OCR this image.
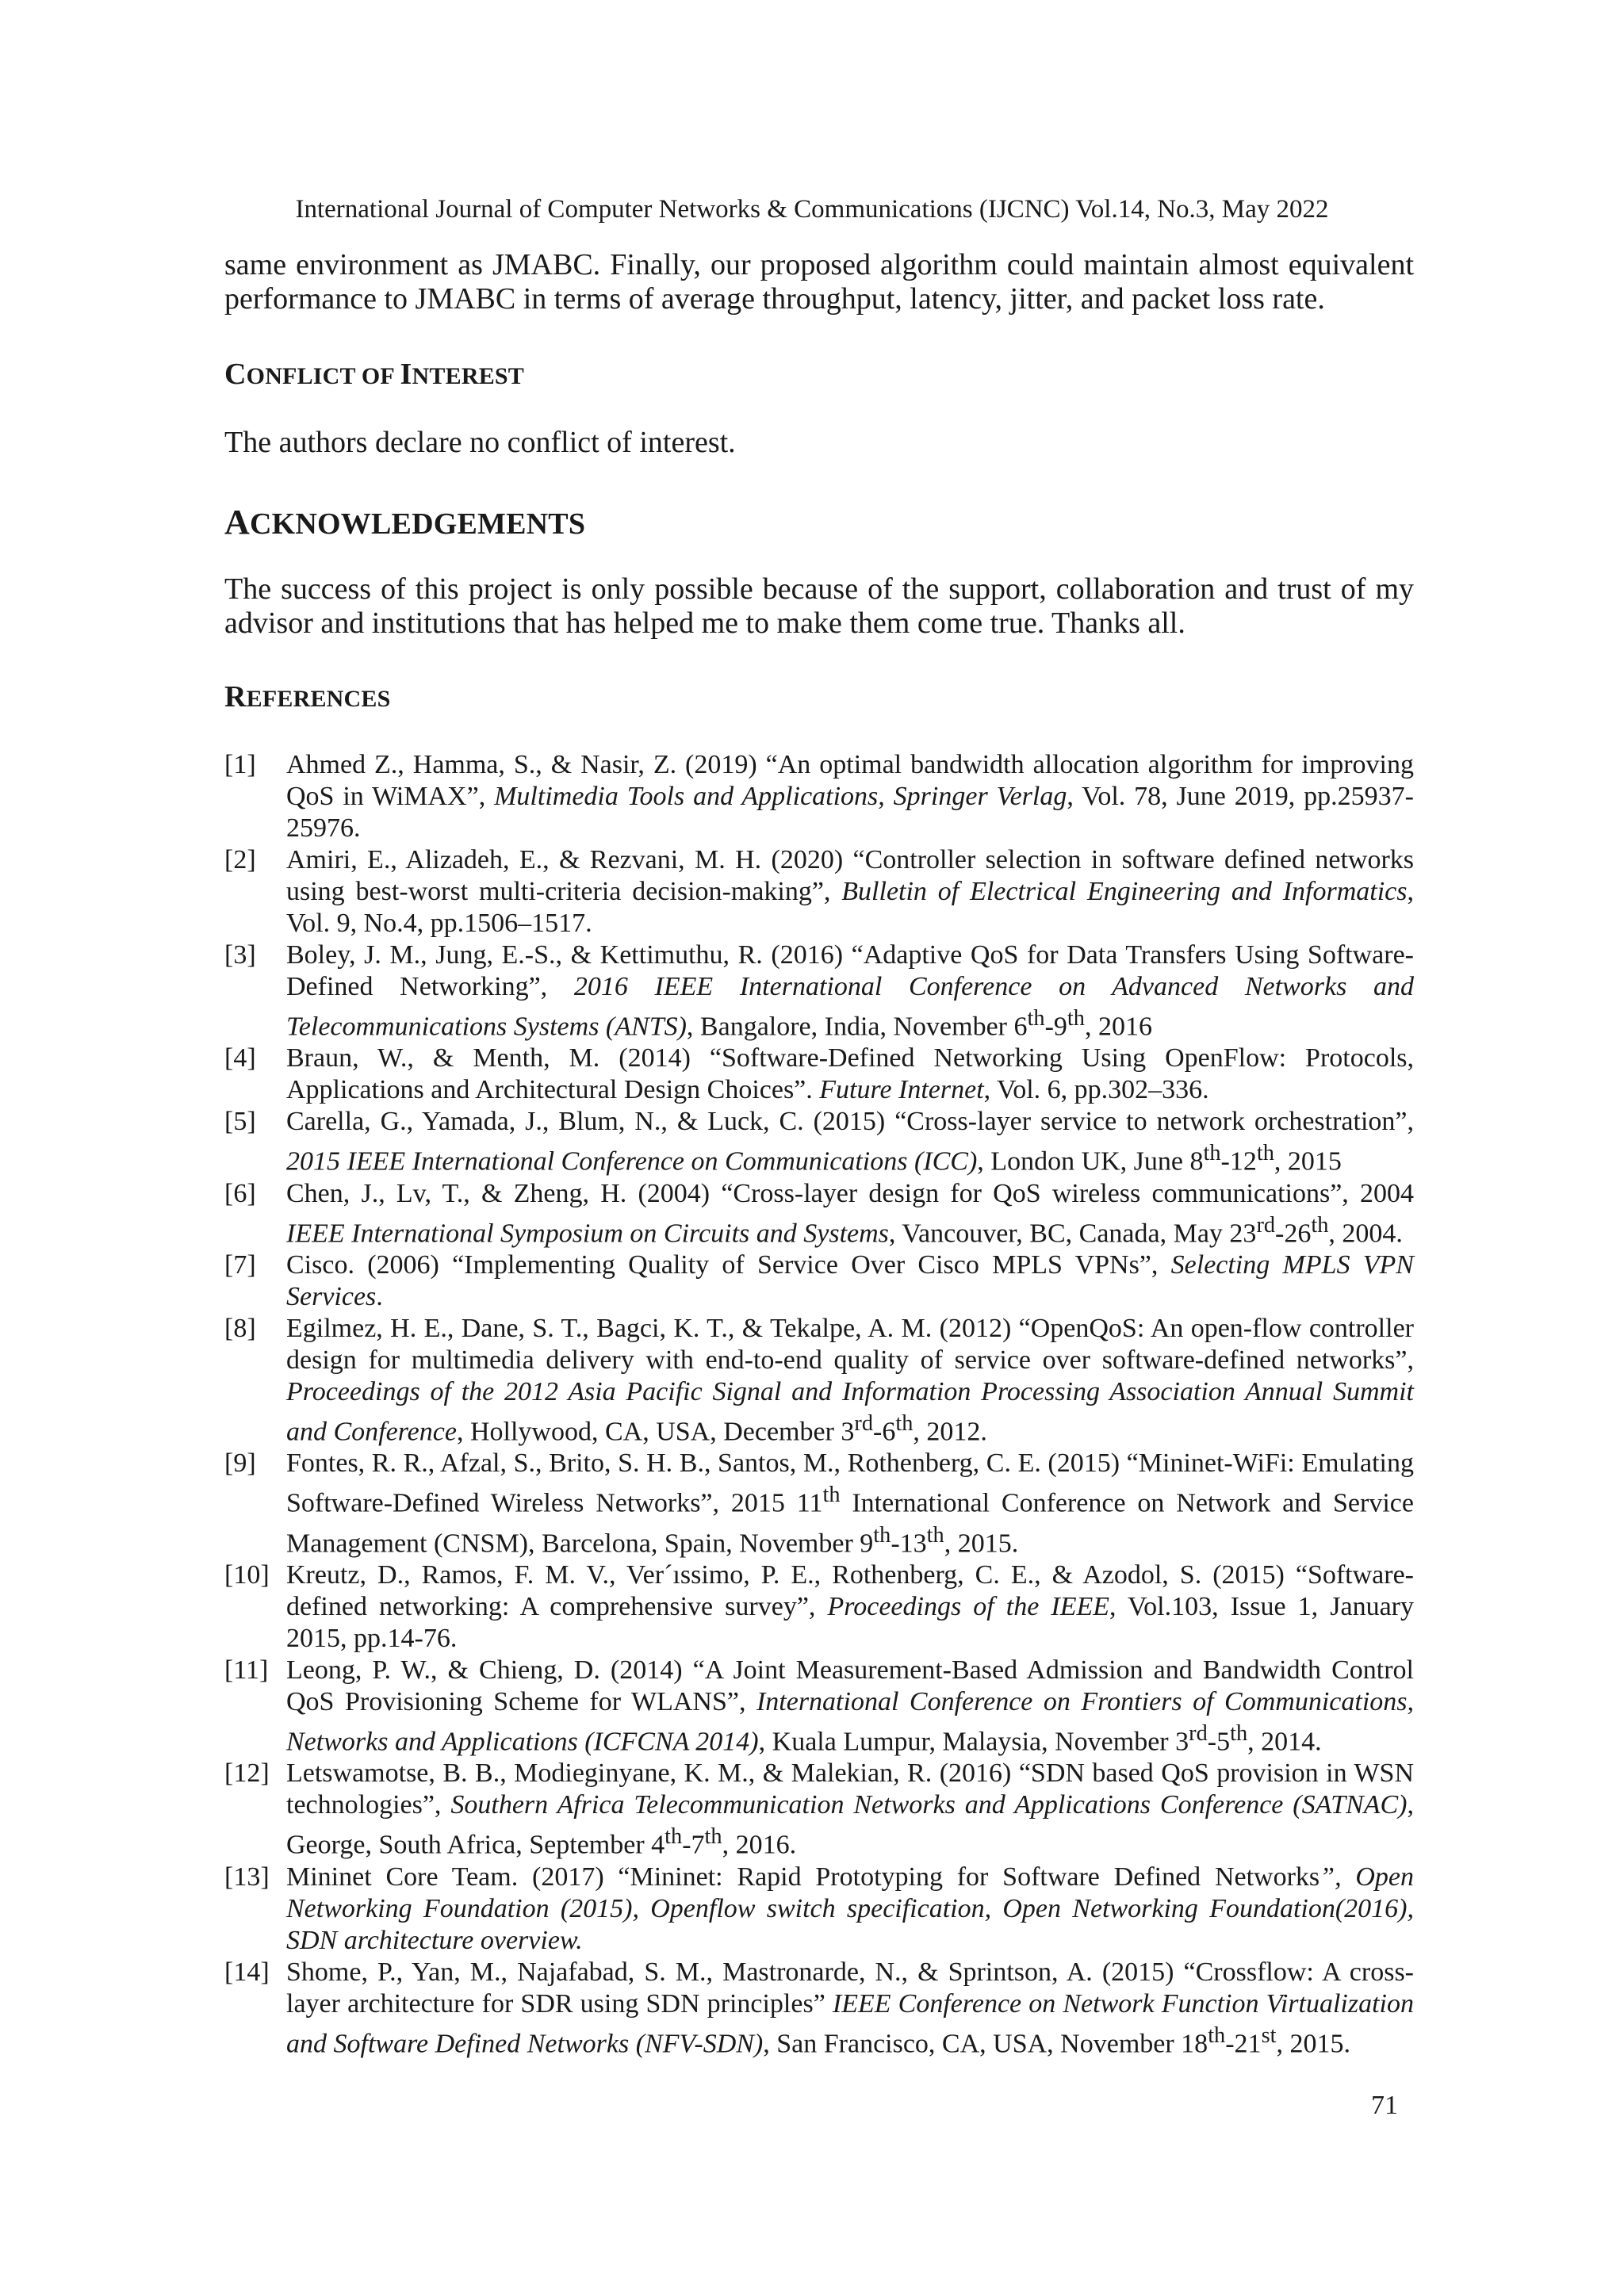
International Journal of Computer Networks & Communications (IJCNC) Vol.14, No.3, May 2022
same environment as JMABC. Finally, our proposed algorithm could maintain almost equivalent performance to JMABC in terms of average throughput, latency, jitter, and packet loss rate.
CONFLICT OF INTEREST
The authors declare no conflict of interest.
ACKNOWLEDGEMENTS
The success of this project is only possible because of the support, collaboration and trust of my advisor and institutions that has helped me to make them come true. Thanks all.
REFERENCES
[1]	Ahmed Z., Hamma, S., & Nasir, Z. (2019) “An optimal bandwidth allocation algorithm for improving QoS in WiMAX”, Multimedia Tools and Applications, Springer Verlag, Vol. 78, June 2019, pp.25937-25976.
[2]	Amiri, E., Alizadeh, E., & Rezvani, M. H. (2020) “Controller selection in software defined networks using best-worst multi-criteria decision-making”, Bulletin of Electrical Engineering and Informatics, Vol. 9, No.4, pp.1506–1517.
[3]	Boley, J. M., Jung, E.-S., & Kettimuthu, R. (2016) “Adaptive QoS for Data Transfers Using Software-Defined Networking”, 2016 IEEE International Conference on Advanced Networks and Telecommunications Systems (ANTS), Bangalore, India, November 6th-9th, 2016
[4]	Braun, W., & Menth, M. (2014) “Software-Defined Networking Using OpenFlow: Protocols, Applications and Architectural Design Choices”. Future Internet, Vol. 6, pp.302–336.
[5]	Carella, G., Yamada, J., Blum, N., & Luck, C. (2015) “Cross-layer service to network orchestration”, 2015 IEEE International Conference on Communications (ICC), London UK, June 8th-12th, 2015
[6]	Chen, J., Lv, T., & Zheng, H. (2004) “Cross-layer design for QoS wireless communications”, 2004 IEEE International Symposium on Circuits and Systems, Vancouver, BC, Canada, May 23rd-26th, 2004.
[7]	Cisco. (2006) “Implementing Quality of Service Over Cisco MPLS VPNs”, Selecting MPLS VPN Services.
[8]	Egilmez, H. E., Dane, S. T., Bagci, K. T., & Tekalpe, A. M. (2012) “OpenQoS: An open-flow controller design for multimedia delivery with end-to-end quality of service over software-defined networks”, Proceedings of the 2012 Asia Pacific Signal and Information Processing Association Annual Summit and Conference, Hollywood, CA, USA, December 3rd-6th, 2012.
[9]	Fontes, R. R., Afzal, S., Brito, S. H. B., Santos, M., Rothenberg, C. E. (2015) “Mininet-WiFi: Emulating Software-Defined Wireless Networks”, 2015 11th International Conference on Network and Service Management (CNSM), Barcelona, Spain, November 9th-13th, 2015.
[10] Kreutz, D., Ramos, F. M. V., Ver´ıssimo, P. E., Rothenberg, C. E., & Azodol, S. (2015) “Software-defined networking: A comprehensive survey”, Proceedings of the IEEE, Vol.103, Issue 1, January 2015, pp.14-76.
[11] Leong, P. W., & Chieng, D. (2014) “A Joint Measurement-Based Admission and Bandwidth Control QoS Provisioning Scheme for WLANS”, International Conference on Frontiers of Communications, Networks and Applications (ICFCNA 2014), Kuala Lumpur, Malaysia, November 3rd-5th, 2014.
[12] Letswamotse, B. B., Modieginyane, K. M., & Malekian, R. (2016) “SDN based QoS provision in WSN technologies”, Southern Africa Telecommunication Networks and Applications Conference (SATNAC), George, South Africa, September 4th-7th, 2016.
[13] Mininet Core Team. (2017) “Mininet: Rapid Prototyping for Software Defined Networks”, Open Networking Foundation (2015), Openflow switch specification, Open Networking Foundation(2016), SDN architecture overview.
[14] Shome, P., Yan, M., Najafabad, S. M., Mastronarde, N., & Sprintson, A. (2015) “Crossflow: A cross-layer architecture for SDR using SDN principles” IEEE Conference on Network Function Virtualization and Software Defined Networks (NFV-SDN), San Francisco, CA, USA, November 18th-21st, 2015.
71
